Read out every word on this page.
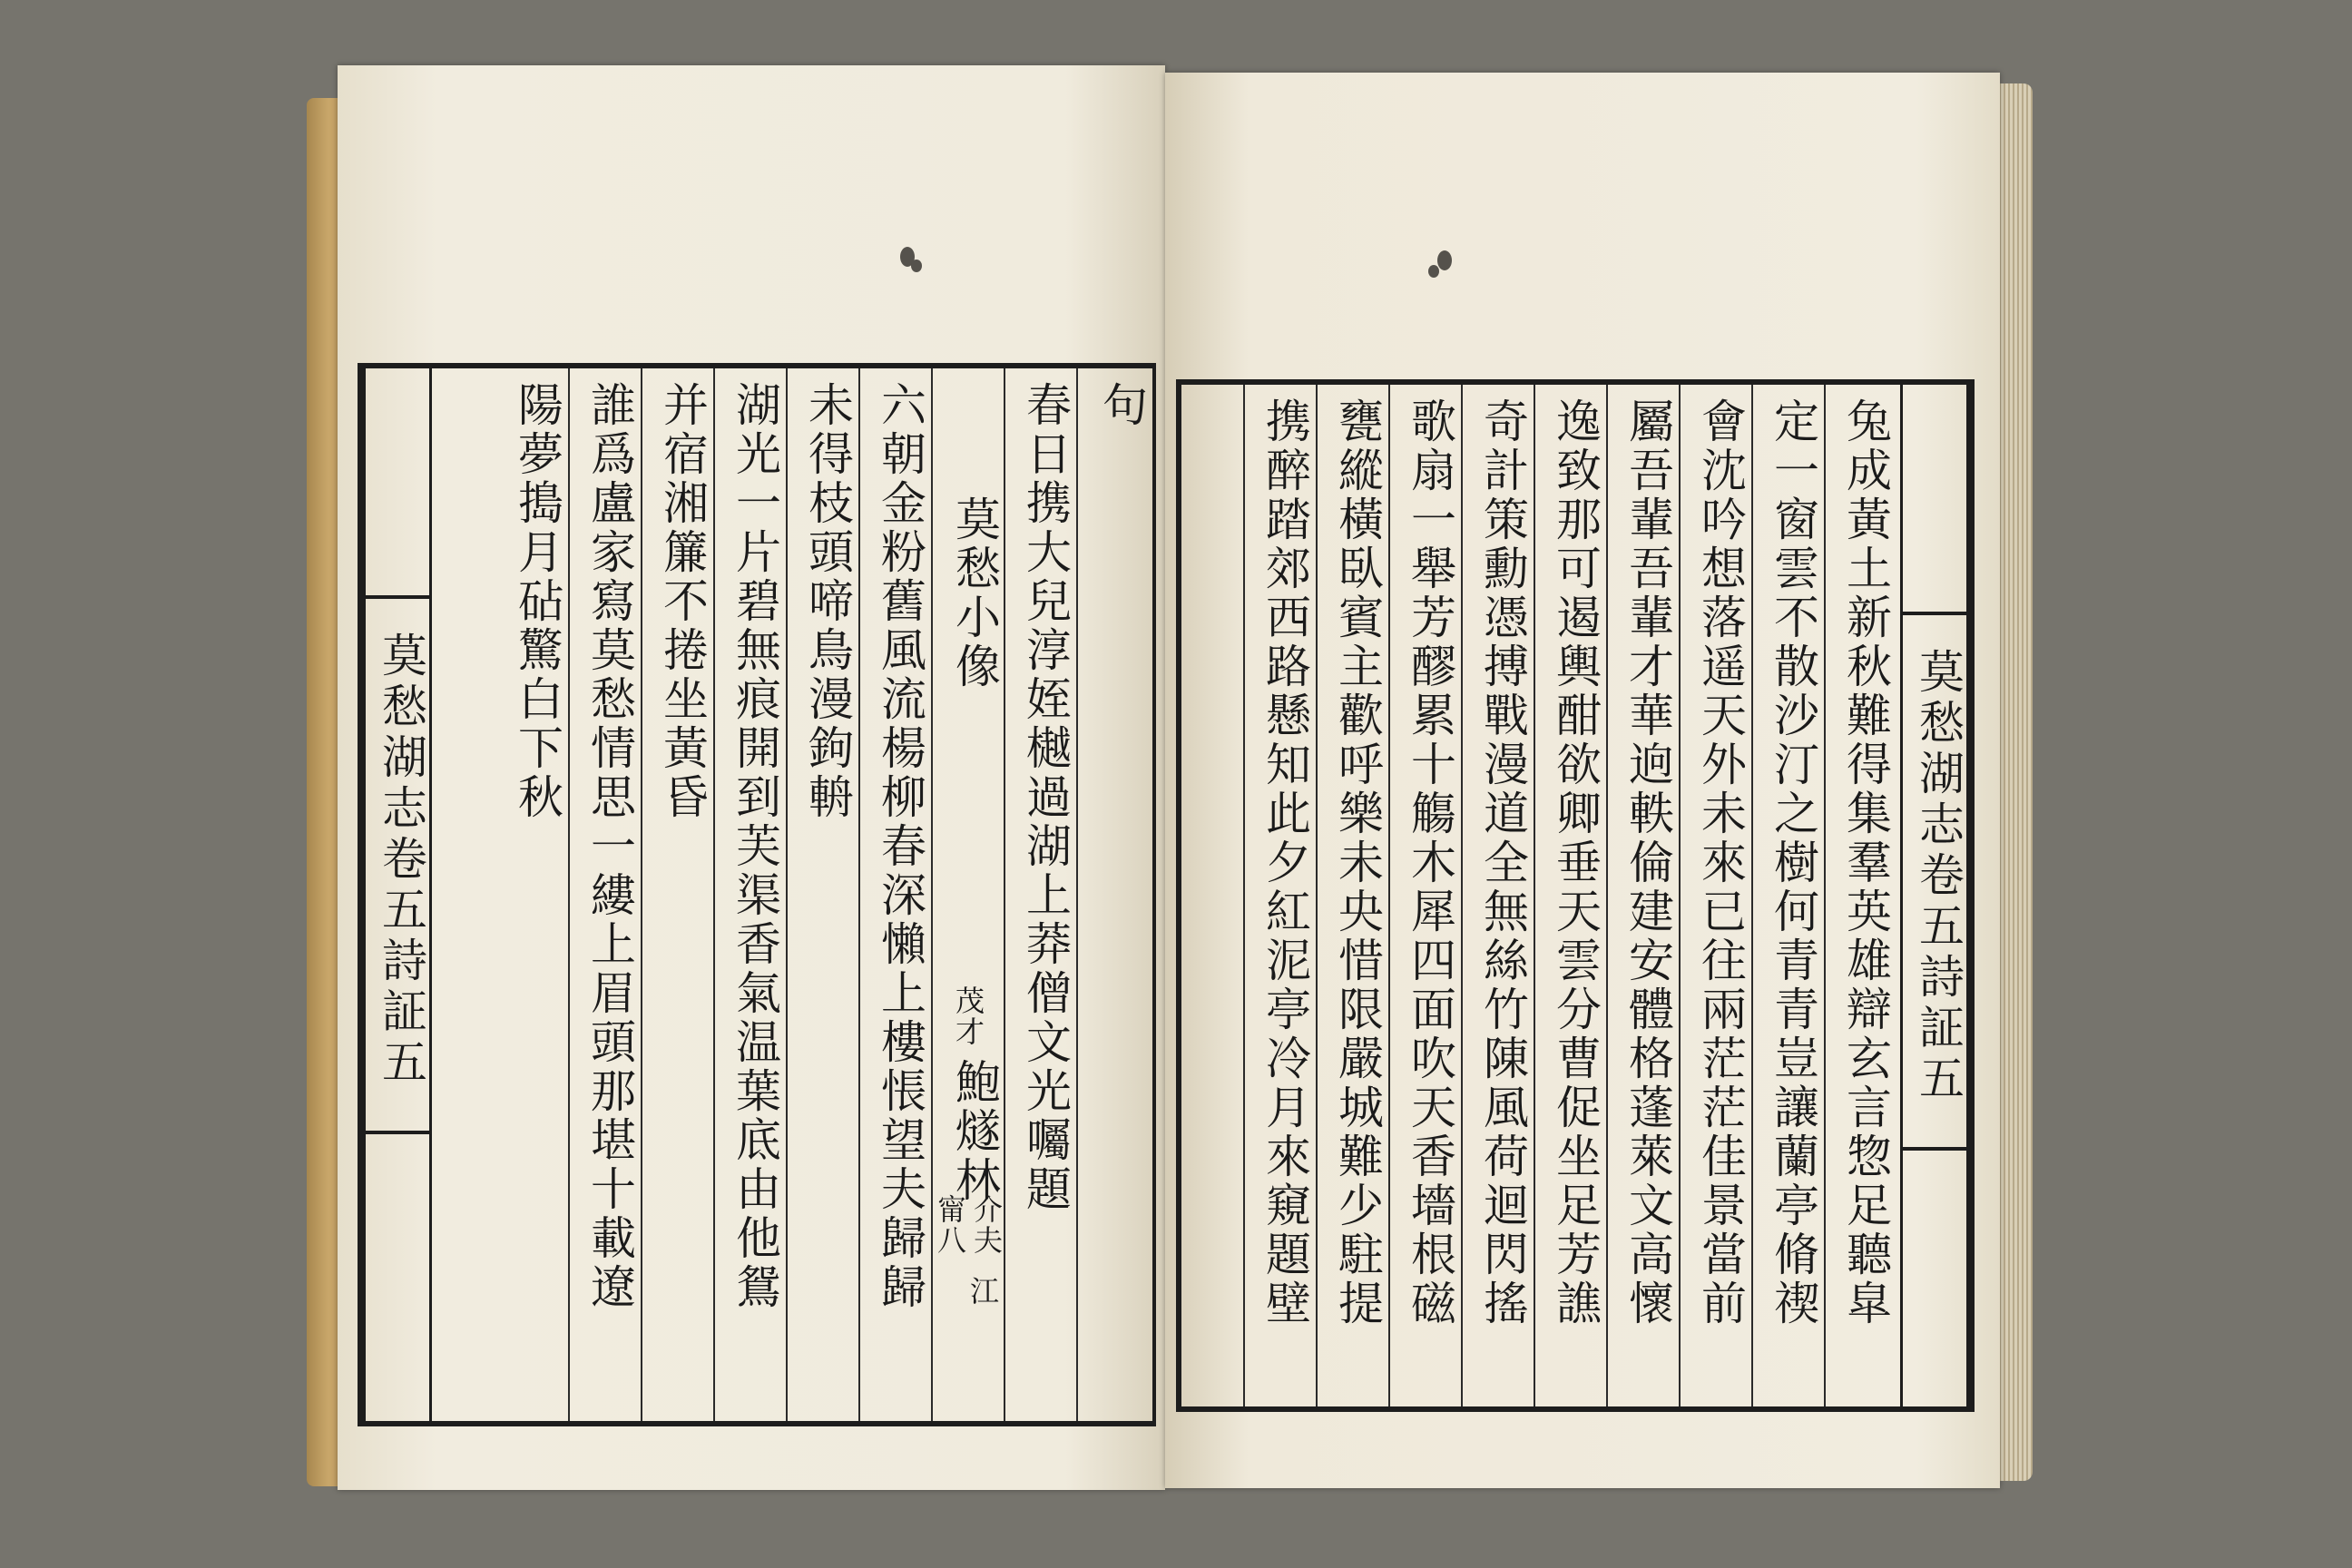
句
春日携大兒淳姪樾過湖上莽僧文光囑題
莫愁小像
茂才
鮑燧林
介夫
甯八
江
六朝金粉舊風流楊柳春深懶上樓悵望夫歸歸
未得枝頭啼鳥漫鉤輈
湖光一片碧無痕開到芙渠香氣温葉底由他鴛
并宿湘簾不捲坐黃昏
誰爲盧家寫莫愁情思一縷上眉頭那堪十載遼
陽夢搗月砧驚白下秋
莫愁湖志卷五詩証五	莫愁湖志卷五詩証五
兔成黃土新秋難得集羣英雄辯玄言惣足聽皐
定一窗雲不散沙汀之樹何青青豈讓蘭亭脩禊
會沈吟想落遥天外未來已往兩茫茫佳景當前
屬吾輩吾輩才華逈軼倫建安體格蓬萊文高懷
逸致那可遏輿酣欲卿垂天雲分曹促坐足芳譙
奇計策勳憑搏戰漫道全無絲竹陳風荷迴閃搖
歌扇一舉芳醪累十觴木犀四面吹天香墻根磁
甕縱橫臥賓主歡呼樂未央惜限嚴城難少駐提
携醉踏郊西路懸知此夕紅泥亭冷月來窺題壁
